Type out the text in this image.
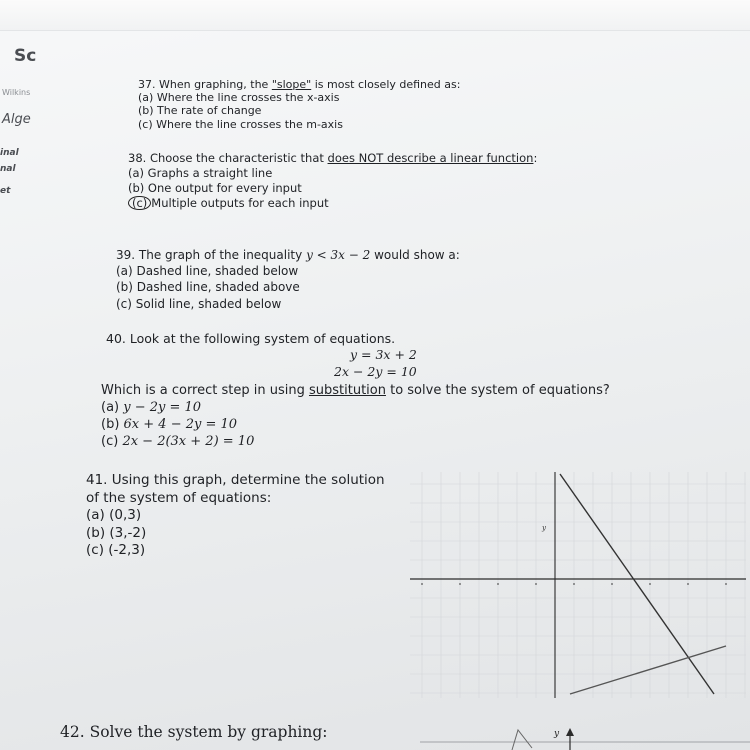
Sc
Wilkins
Alge
inal
nal
et
37. When graphing, the "slope" is most closely defined as:
(a) Where the line crosses the x-axis
(b) The rate of change
(c) Where the line crosses the m-axis
38. Choose the characteristic that does NOT describe a linear function:
(a) Graphs a straight line
(b) One output for every input
(c) Multiple outputs for each input
39. The graph of the inequality y < 3x − 2 would show a:
(a) Dashed line, shaded below
(b) Dashed line, shaded above
(c) Solid line, shaded below
40. Look at the following system of equations.
y = 3x + 2
2x − 2y = 10
Which is a correct step in using substitution to solve the system of equations?
(a) y − 2y = 10
(b) 6x + 4 − 2y = 10
(c) 2x − 2(3x + 2) = 10
41. Using this graph, determine the solution
of the system of equations:
(a) (0,3)
(b) (3,-2)
(c) (-2,3)
y
42. Solve the system by graphing:	y
